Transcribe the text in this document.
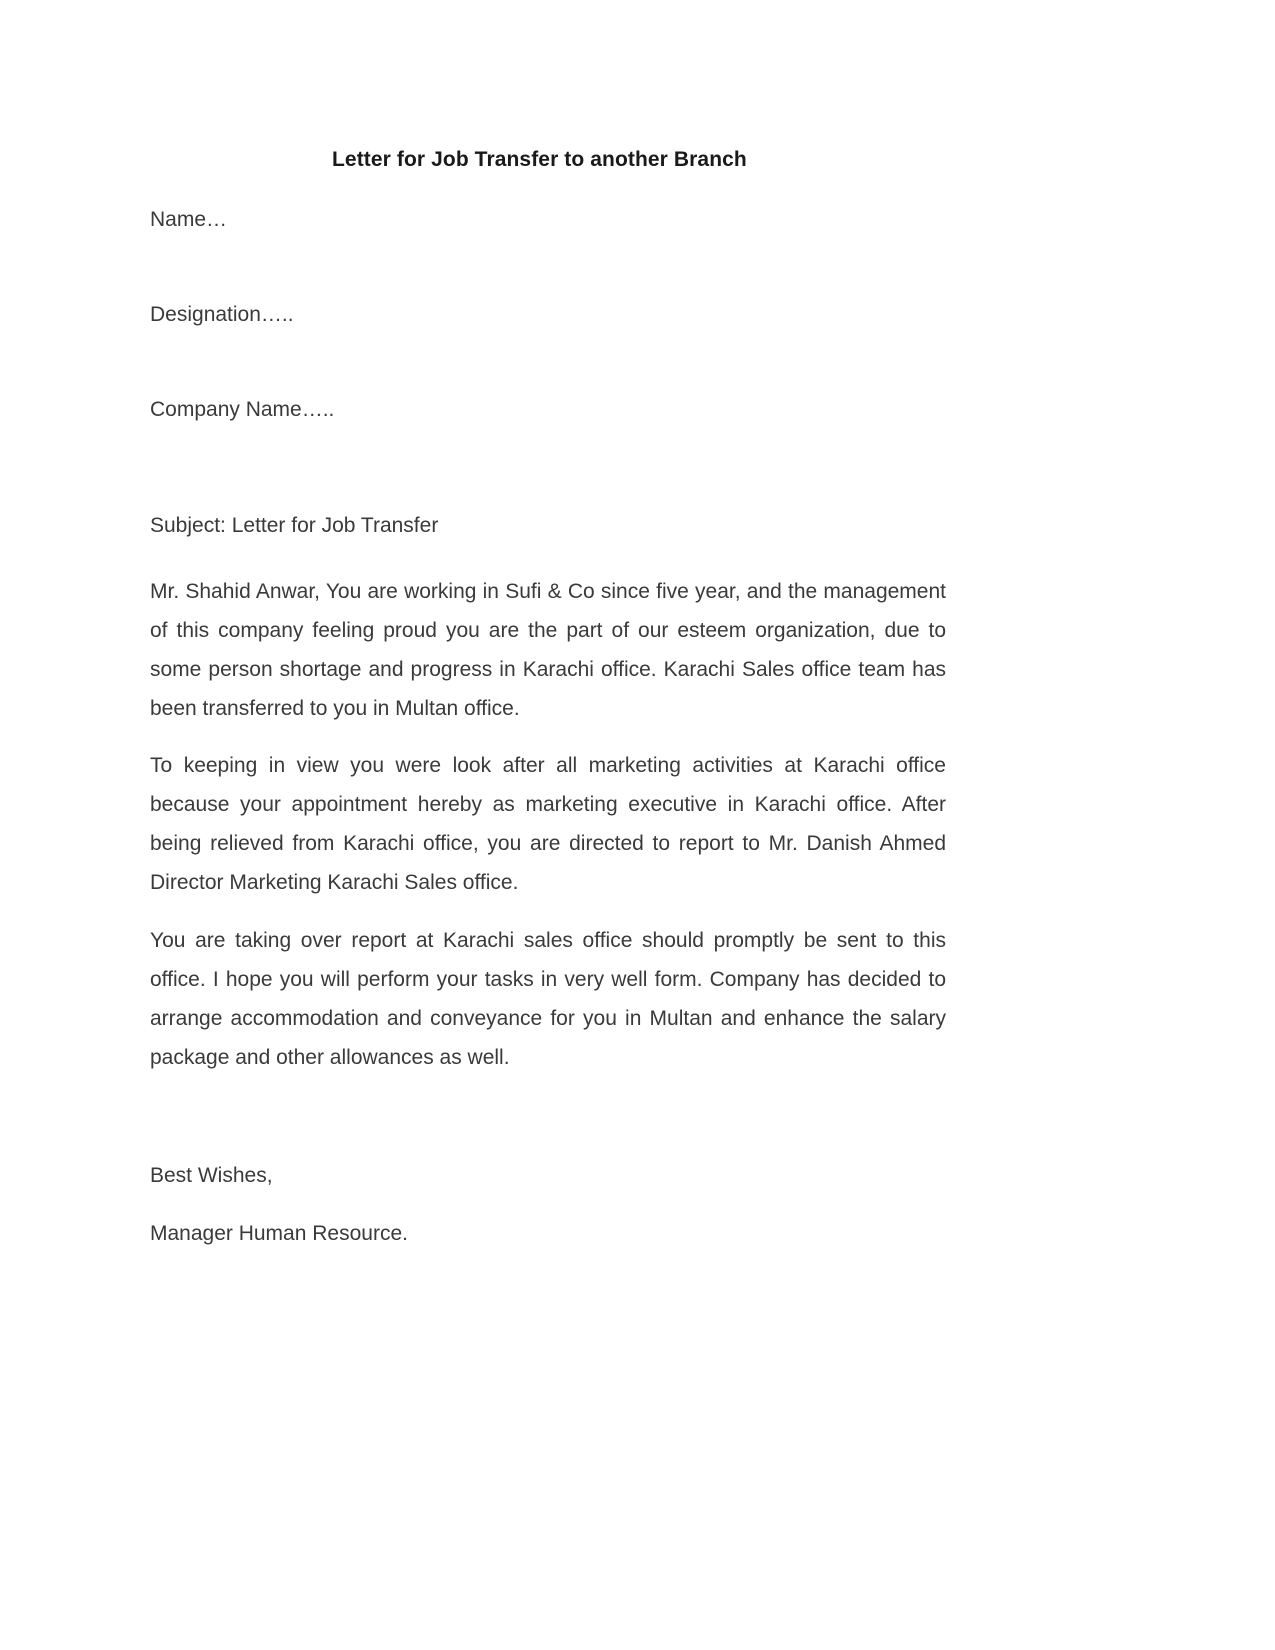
Letter for Job Transfer to another Branch
Name…
Designation…..
Company Name…..
Subject: Letter for Job Transfer
Mr. Shahid Anwar, You are working in Sufi & Co since five year, and the management of this company feeling proud you are the part of our esteem organization, due to some person shortage and progress in Karachi office. Karachi Sales office team has been transferred to you in Multan office.
To keeping in view you were look after all marketing activities at Karachi office because your appointment hereby as marketing executive in Karachi office. After being relieved from Karachi office, you are directed to report to Mr. Danish Ahmed Director Marketing Karachi Sales office.
You are taking over report at Karachi sales office should promptly be sent to this office. I hope you will perform your tasks in very well form. Company has decided to arrange accommodation and conveyance for you in Multan and enhance the salary package and other allowances as well.
Best Wishes,
Manager Human Resource.
